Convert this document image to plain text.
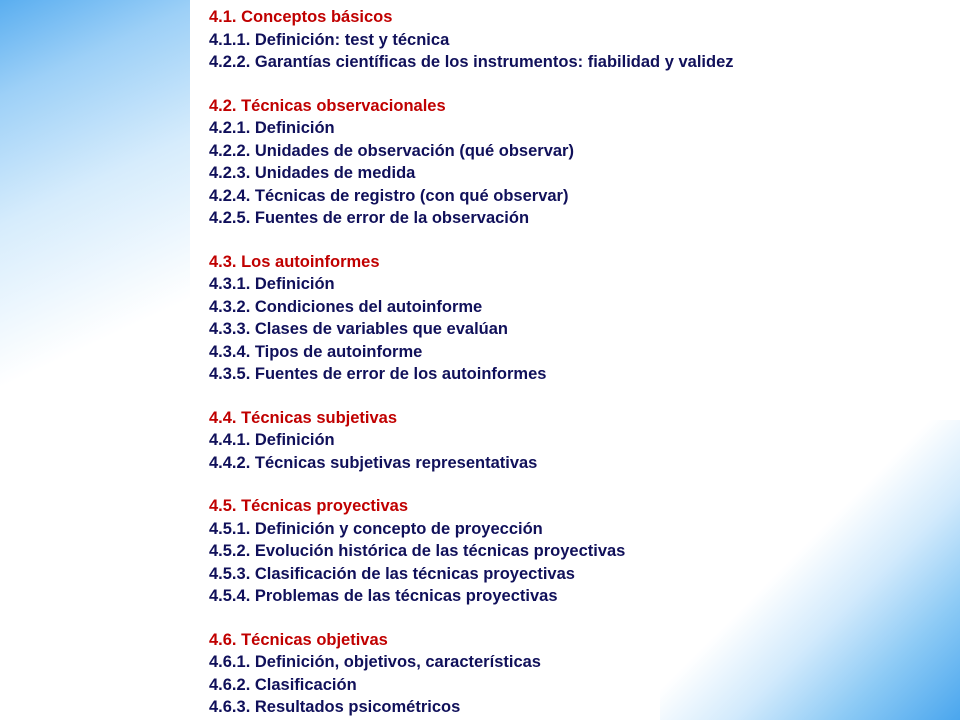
4.1. Conceptos básicos
4.1.1. Definición: test y técnica
4.2.2. Garantías científicas de los instrumentos: fiabilidad y validez
4.2. Técnicas observacionales
4.2.1. Definición
4.2.2. Unidades de observación (qué observar)
4.2.3. Unidades de medida
4.2.4. Técnicas de registro (con qué observar)
4.2.5. Fuentes de error de la observación
4.3. Los autoinformes
4.3.1. Definición
4.3.2. Condiciones del autoinforme
4.3.3. Clases de variables que evalúan
4.3.4. Tipos de autoinforme
4.3.5. Fuentes de error de los autoinformes
4.4. Técnicas subjetivas
4.4.1. Definición
4.4.2. Técnicas subjetivas representativas
4.5. Técnicas proyectivas
4.5.1. Definición y concepto de proyección
4.5.2. Evolución histórica de las técnicas proyectivas
4.5.3. Clasificación de las técnicas proyectivas
4.5.4. Problemas de las técnicas proyectivas
4.6. Técnicas objetivas
4.6.1. Definición, objetivos, características
4.6.2. Clasificación
4.6.3. Resultados psicométricos
